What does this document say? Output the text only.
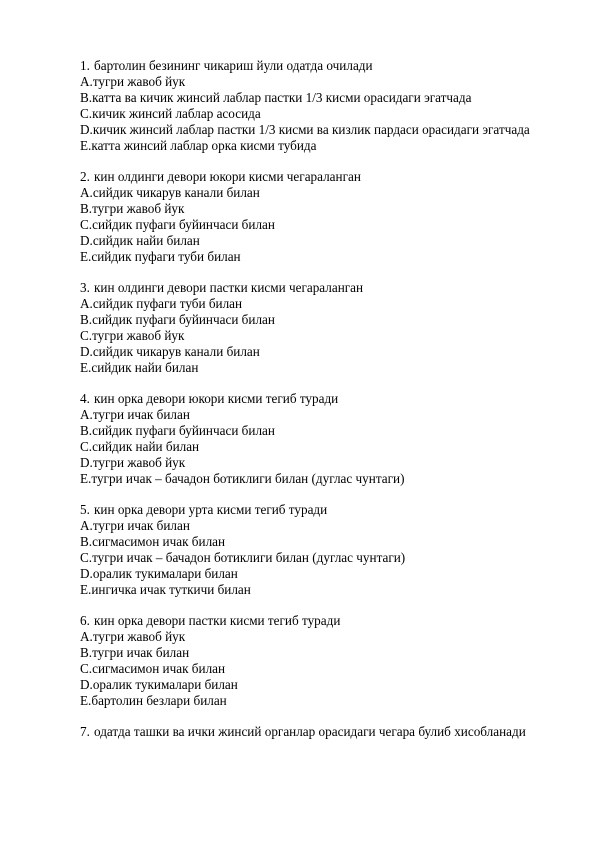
1. бартолин безининг чикариш йули одатда очилади
A. тугри жавоб йук
B. катта ва кичик жинсий лаблар пастки 1/3 кисми орасидаги эгатчада
C. кичик жинсий лаблар асосида
D. кичик жинсий лаблар пастки 1/3 кисми ва кизлик пардаси орасидаги эгатчада
E. катта жинсий лаблар орка кисми тубида
2. кин олдинги девори юкори кисми чегараланган
A. сийдик чикарув канали билан
B. тугри жавоб йук
C. сийдик пуфаги буйинчаси билан
D. сийдик найи билан
E. сийдик пуфаги туби билан
3. кин олдинги девори пастки кисми чегараланган
A. сийдик пуфаги туби билан
B. сийдик пуфаги буйинчаси билан
C. тугри жавоб йук
D. сийдик чикарув канали билан
E. сийдик найи билан
4. кин орка девори юкори кисми тегиб туради
A. тугри ичак билан
B. сийдик пуфаги буйинчаси билан
C. сийдик найи билан
D. тугри жавоб йук
E. тугри ичак – бачадон ботиклиги билан (дуглас чунтаги)
5. кин орка девори урта кисми тегиб туради
A. тугри ичак билан
B. сигмасимон ичак билан
C. тугри ичак – бачадон ботиклиги билан (дуглас чунтаги)
D. оралик тукималари билан
E. ингичка ичак туткичи билан
6. кин орка девори пастки кисми тегиб туради
A. тугри жавоб йук
B. тугри ичак билан
C. сигмасимон ичак билан
D. оралик тукималари билан
E. бартолин безлари билан
7. одатда ташки ва ички жинсий органлар орасидаги чегара булиб хисобланади
